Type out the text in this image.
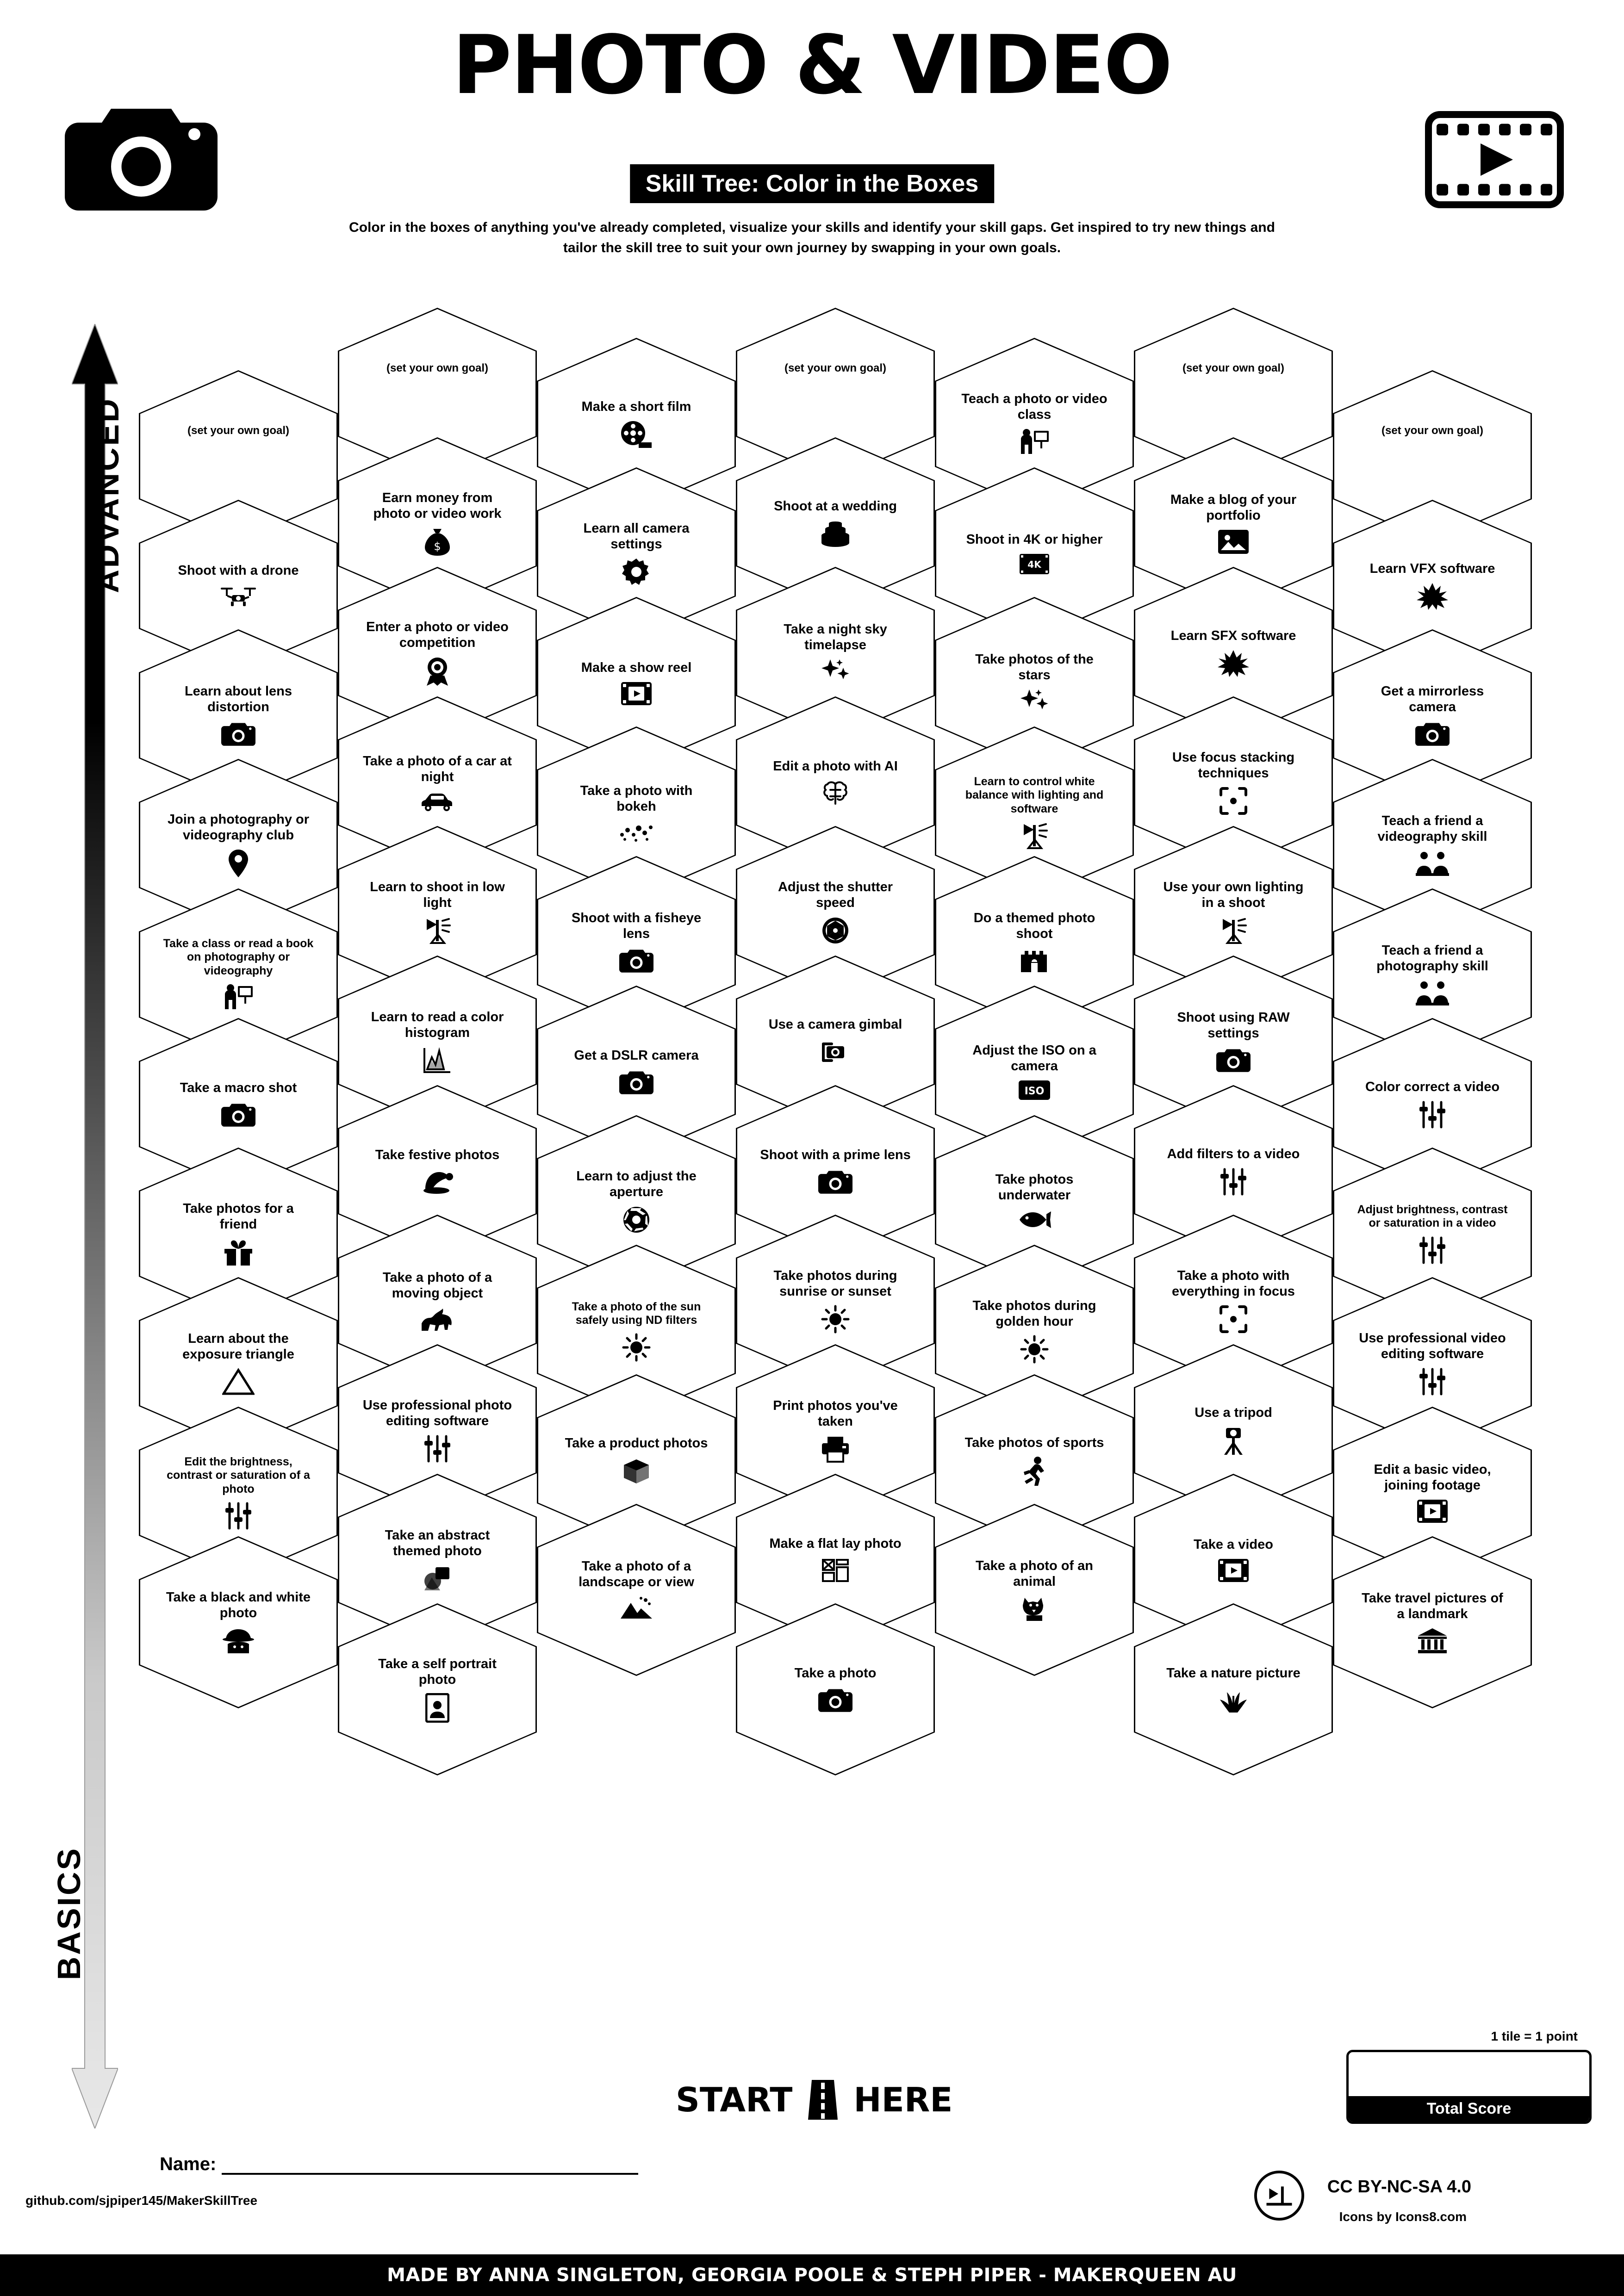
PHOTO & VIDEO
Skill Tree: Color in the Boxes
Color in the boxes of anything you've already completed, visualize your skills and identify your skill gaps. Get inspired to try new things and tailor the skill tree to suit your own journey by swapping in your own goals.
ADVANCED
BASICS
(set your own goal)
Shoot with a drone
Learn about lens distortion
Join a photography or videography club
Take a class or read a book on photography or videography
Take a macro shot
Take photos for a friend
Learn about the exposure triangle
Edit the brightness, contrast or saturation of a photo
Take a black and white photo
(set your own goal)
Earn money from photo or video work
$
Enter a photo or video competition
Take a photo of a car at night
Learn to shoot in low light
Learn to read a color histogram
Take festive photos
Take a photo of a moving object
Use professional photo editing software
Take an abstract themed photo
Take a self portrait photo
Make a short film
Learn all camera settings
Make a show reel
Take a photo with bokeh
Shoot with a fisheye lens
Get a DSLR camera
Learn to adjust the aperture
Take a photo of the sun safely using ND filters
Take a product photos
Take a photo of a landscape or view
(set your own goal)
Shoot at a wedding
Take a night sky timelapse
Edit a photo with AI
Adjust the shutter speed
Use a camera gimbal
Shoot with a prime lens
Take photos during sunrise or sunset
Print photos you've taken
Make a flat lay photo
Take a photo
Teach a photo or video class
Shoot in 4K or higher
4K
Take photos of the stars
Learn to control white balance with lighting and software
Do a themed photo shoot
Adjust the ISO on a camera
ISO
Take photos underwater
Take photos during golden hour
Take photos of sports
Take a photo of an animal
(set your own goal)
Make a blog of your portfolio
Learn SFX software
Use focus stacking techniques
Use your own lighting in a shoot
Shoot using RAW settings
Add filters to a video
Take a photo with everything in focus
Use a tripod
Take a video
Take a nature picture
(set your own goal)
Learn VFX software
Get a mirrorless camera
Teach a friend a videography skill
Teach a friend a photography skill
Color correct a video
Adjust brightness, contrast or saturation in a video
Use professional video editing software
Edit a basic video, joining footage
Take travel pictures of a landmark
START HERE
1 tile = 1 point
Total Score
Name:
github.com/sjpiper145/MakerSkillTree
CC BY-NC-SA 4.0
Icons by Icons8.com
MADE BY ANNA SINGLETON, GEORGIA POOLE & STEPH PIPER - MAKERQUEEN AU
